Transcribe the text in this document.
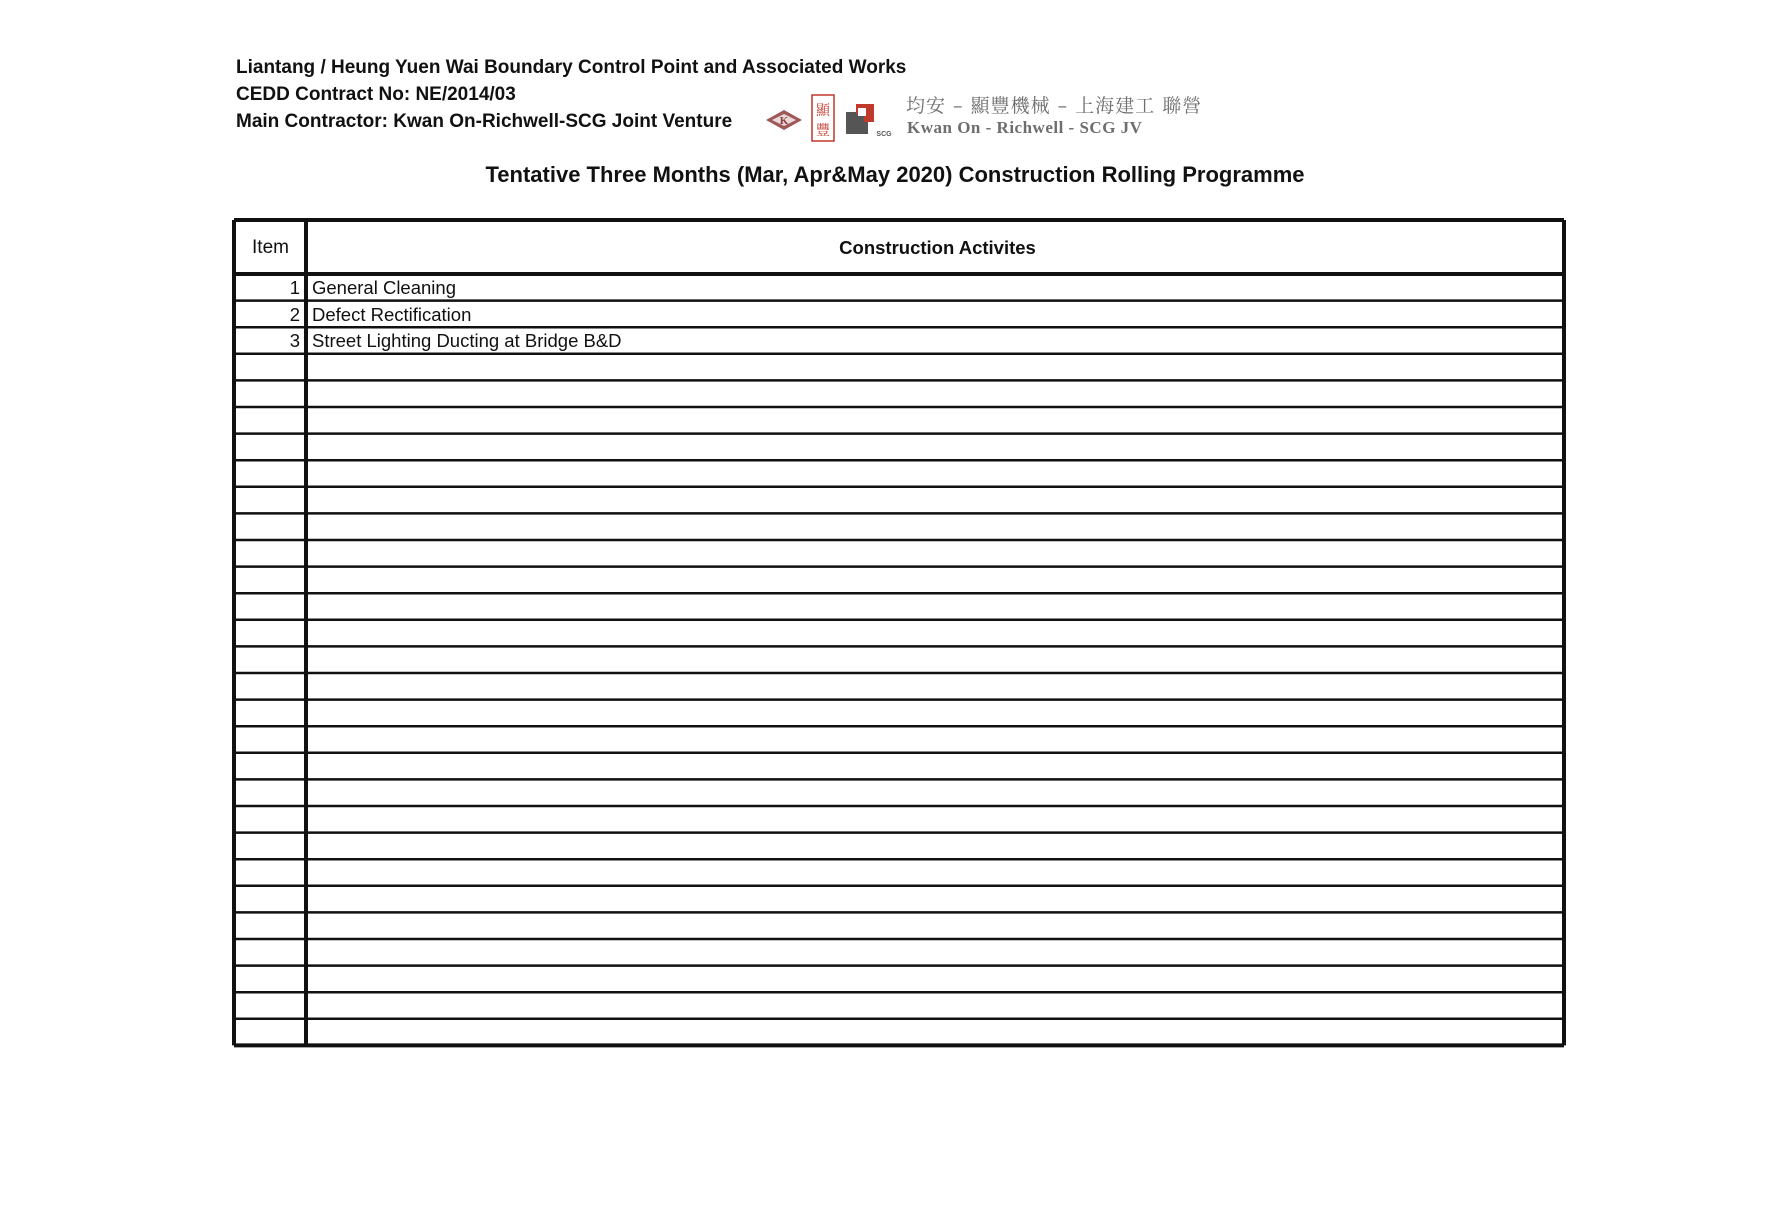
Liantang / Heung Yuen Wai Boundary Control Point and Associated Works
CEDD Contract No: NE/2014/03
Main Contractor: Kwan On-Richwell-SCG Joint Venture	K
顯
豐	SCG
均安 – 顯豐機械 – 上海建工 聯營
Kwan On - Richwell - SCG JV
Tentative Three Months (Mar, Apr&May 2020) Construction Rolling Programme
Item	Construction Activites
1 General Cleaning
2 Defect Rectification
3 Street Lighting Ducting at Bridge B&D
